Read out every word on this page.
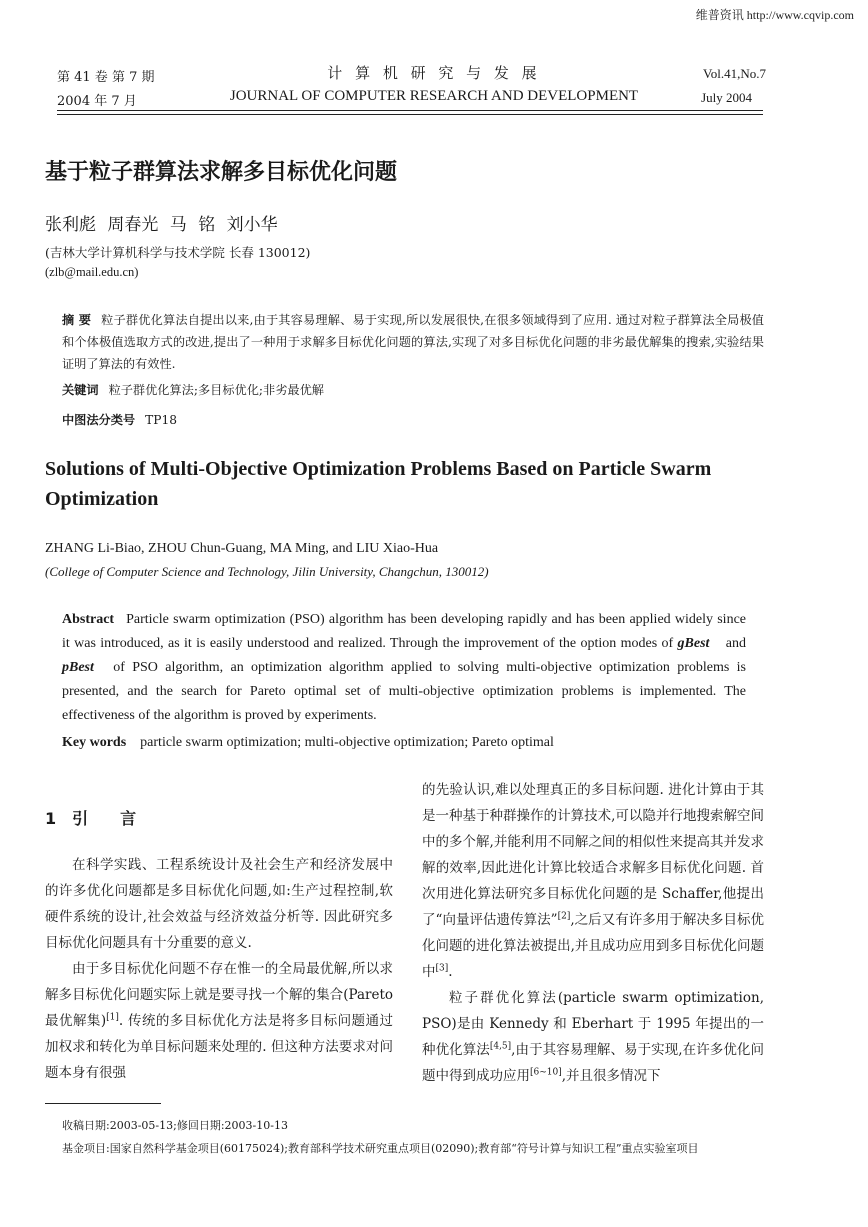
维普资讯 http://www.cqvip.com
第 41 卷 第 7 期
2004 年 7 月
计 算 机 研 究 与 发 展
JOURNAL OF COMPUTER RESEARCH AND DEVELOPMENT
Vol.41,No.7
July 2004
基于粒子群算法求解多目标优化问题
张利彪 周春光 马 铭 刘小华
(吉林大学计算机科学与技术学院 长春 130012)
(zlb@mail.edu.cn)
摘 要 粒子群优化算法自提出以来,由于其容易理解、易于实现,所以发展很快,在很多领域得到了应用. 通过对粒子群算法全局极值和个体极值选取方式的改进,提出了一种用于求解多目标优化问题的算法,实现了对多目标优化问题的非劣最优解集的搜索,实验结果证明了算法的有效性.
关键词 粒子群优化算法;多目标优化;非劣最优解
中图法分类号 TP18
Solutions of Multi-Objective Optimization Problems Based on Particle Swarm Optimization
ZHANG Li-Biao, ZHOU Chun-Guang, MA Ming, and LIU Xiao-Hua
(College of Computer Science and Technology, Jilin University, Changchun, 130012)
Abstract Particle swarm optimization (PSO) algorithm has been developing rapidly and has been applied widely since it was introduced, as it is easily understood and realized. Through the improvement of the option modes of gBest and pBest of PSO algorithm, an optimization algorithm applied to solving multi-objective optimization problems is presented, and the search for Pareto optimal set of multi-objective optimization problems is implemented. The effectiveness of the algorithm is proved by experiments.
Key words particle swarm optimization; multi-objective optimization; Pareto optimal
1 引 言

在科学实践、工程系统设计及社会生产和经济发展中的许多优化问题都是多目标优化问题,如:生产过程控制,软硬件系统的设计,社会效益与经济效益分析等. 因此研究多目标优化问题具有十分重要的意义.

由于多目标优化问题不存在惟一的全局最优解,所以求解多目标优化问题实际上就是要寻找一个解的集合(Pareto最优解集)[1]. 传统的多目标优化方法是将多目标问题通过加权求和转化为单目标问题来处理的. 但这种方法要求对问题本身有很强

的先验认识,难以处理真正的多目标问题. 进化计算由于其是一种基于种群操作的计算技术,可以隐并行地搜索解空间中的多个解,并能利用不同解之间的相似性来提高其并发求解的效率,因此进化计算比较适合求解多目标优化问题. 首次用进化算法研究多目标优化问题的是 Schaffer,他提出了“向量评估遗传算法”[2],之后又有许多用于解决多目标优化问题的进化算法被提出,并且成功应用到多目标优化问题中[3].

粒子群优化算法(particle swarm optimization, PSO)是由 Kennedy 和 Eberhart 于 1995 年提出的一种优化算法[4,5],由于其容易理解、易于实现,在许多优化问题中得到成功应用[6~10],并且很多情况下

收稿日期:2003-05-13;修回日期:2003-10-13
基金项目:国家自然科学基金项目(60175024);教育部科学技术研究重点项目(02090);教育部“符号计算与知识工程”重点实验室项目
